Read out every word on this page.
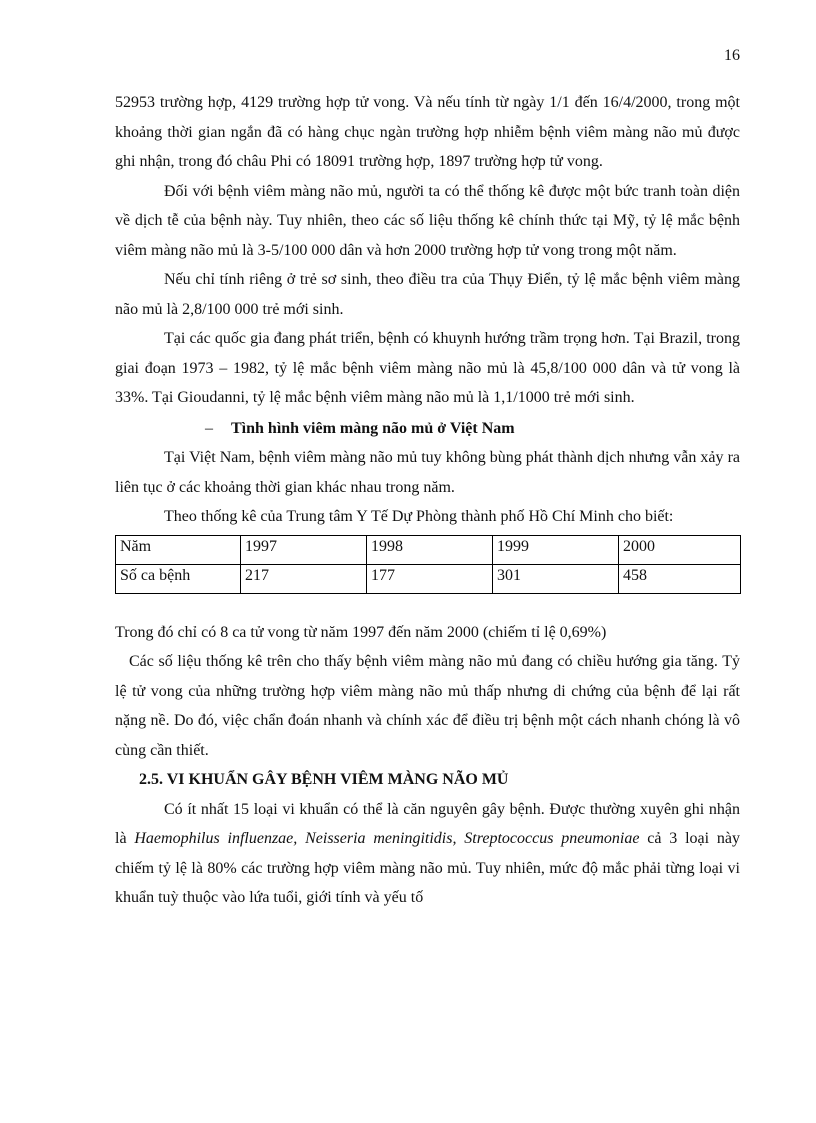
16

52953 trường hợp, 4129 trường hợp tử vong. Và nếu tính từ ngày 1/1 đến 16/4/2000, trong một khoảng thời gian ngắn đã có hàng chục ngàn trường hợp nhiễm bệnh viêm màng não mủ được ghi nhận, trong đó châu Phi có 18091 trường hợp, 1897 trường hợp tử vong.

Đối với bệnh viêm màng não mủ, người ta có thể thống kê được một bức tranh toàn diện về dịch tễ của bệnh này. Tuy nhiên, theo các số liệu thống kê chính thức tại Mỹ, tỷ lệ mắc bệnh viêm màng não mủ là 3-5/100 000 dân và hơn 2000 trường hợp tử vong trong một năm.

Nếu chỉ tính riêng ở trẻ sơ sinh, theo điều tra của Thụy Điển, tỷ lệ mắc bệnh viêm màng não mủ là 2,8/100 000 trẻ mới sinh.

Tại các quốc gia đang phát triển, bệnh có khuynh hướng trầm trọng hơn. Tại Brazil, trong giai đoạn 1973 – 1982, tỷ lệ mắc bệnh viêm màng não mủ là 45,8/100 000 dân và tử vong là 33%. Tại Gioudanni, tỷ lệ mắc bệnh viêm màng não mủ là 1,1/1000 trẻ mới sinh.

– Tình hình viêm màng não mủ ở Việt Nam

Tại Việt Nam, bệnh viêm màng não mủ tuy không bùng phát thành dịch nhưng vẫn xảy ra liên tục ở các khoảng thời gian khác nhau trong năm.

Theo thống kê của Trung tâm Y Tế Dự Phòng thành phố Hồ Chí Minh cho biết:

Năm	1997	1998	1999	2000
Số ca bệnh	217	177	301	458

Trong đó chỉ có 8 ca tử vong từ năm 1997 đến năm 2000 (chiếm tỉ lệ 0,69%)

Các số liệu thống kê trên cho thấy bệnh viêm màng não mủ đang có chiều hướng gia tăng. Tỷ lệ tử vong của những trường hợp viêm màng não mủ thấp nhưng di chứng của bệnh để lại rất nặng nề. Do đó, việc chẩn đoán nhanh và chính xác để điều trị bệnh một cách nhanh chóng là vô cùng cần thiết.

2.5. VI KHUẨN GÂY BỆNH VIÊM MÀNG NÃO MỦ

Có ít nhất 15 loại vi khuẩn có thể là căn nguyên gây bệnh. Được thường xuyên ghi nhận là Haemophilus influenzae, Neisseria meningitidis, Streptococcus pneumoniae cả 3 loại này chiếm tỷ lệ là 80% các trường hợp viêm màng não mủ. Tuy nhiên, mức độ mắc phải từng loại vi khuẩn tuỳ thuộc vào lứa tuổi, giới tính và yếu tố
